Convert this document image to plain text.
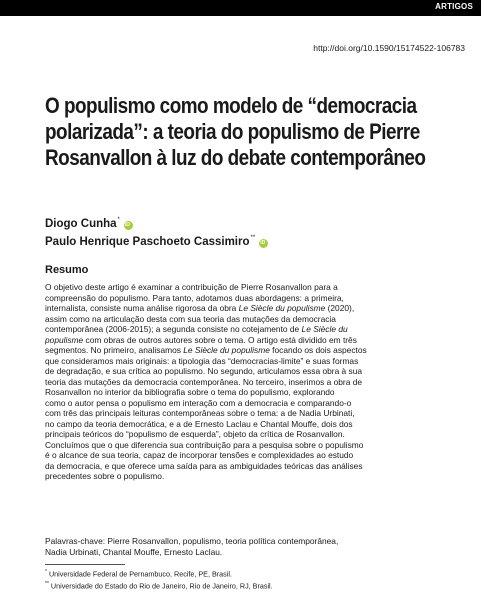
ARTIGOS
http://doi.org/10.1590/15174522-106783
O populismo como modelo de “democracia
polarizada”: a teoria do populismo de Pierre
Rosanvallon à luz do debate contemporâneo
Diogo Cunha*
iD
Paulo Henrique Paschoeto Cassimiro**
iD
Resumo
O objetivo deste artigo é examinar a contribuição de Pierre Rosanvallon para a
compreensão do populismo. Para tanto, adotamos duas abordagens: a primeira,
internalista, consiste numa análise rigorosa da obra Le Siècle du populisme (2020),
assim como na articulação desta com sua teoria das mutações da democracia
contemporânea (2006-2015); a segunda consiste no cotejamento de Le Siècle du
populisme com obras de outros autores sobre o tema. O artigo está dividido em três
segmentos. No primeiro, analisamos Le Siècle du populisme focando os dois aspectos
que consideramos mais originais: a tipologia das “democracias-limite” e suas formas
de degradação, e sua crítica ao populismo. No segundo, articulamos essa obra à sua
teoria das mutações da democracia contemporânea. No terceiro, inserimos a obra de
Rosanvallon no interior da bibliografia sobre o tema do populismo, explorando
como o autor pensa o populismo em interação com a democracia e comparando-o
com três das principais leituras contemporâneas sobre o tema: a de Nadia Urbinati,
no campo da teoria democrática, e a de Ernesto Laclau e Chantal Mouffe, dois dos
principais teóricos do “populismo de esquerda”, objeto da crítica de Rosanvallon.
Concluímos que o que diferencia sua contribuição para a pesquisa sobre o populismo
é o alcance de sua teoria, capaz de incorporar tensões e complexidades ao estudo
da democracia, e que oferece uma saída para as ambiguidades teóricas das análises
precedentes sobre o populismo.
Palavras-chave: Pierre Rosanvallon, populismo, teoria política contemporânea,
Nadia Urbinati, Chantal Mouffe, Ernesto Laclau.
* Universidade Federal de Pernambuco, Recife, PE, Brasil.
** Universidade do Estado do Rio de Janeiro, Rio de Janeiro, RJ, Brasil.
